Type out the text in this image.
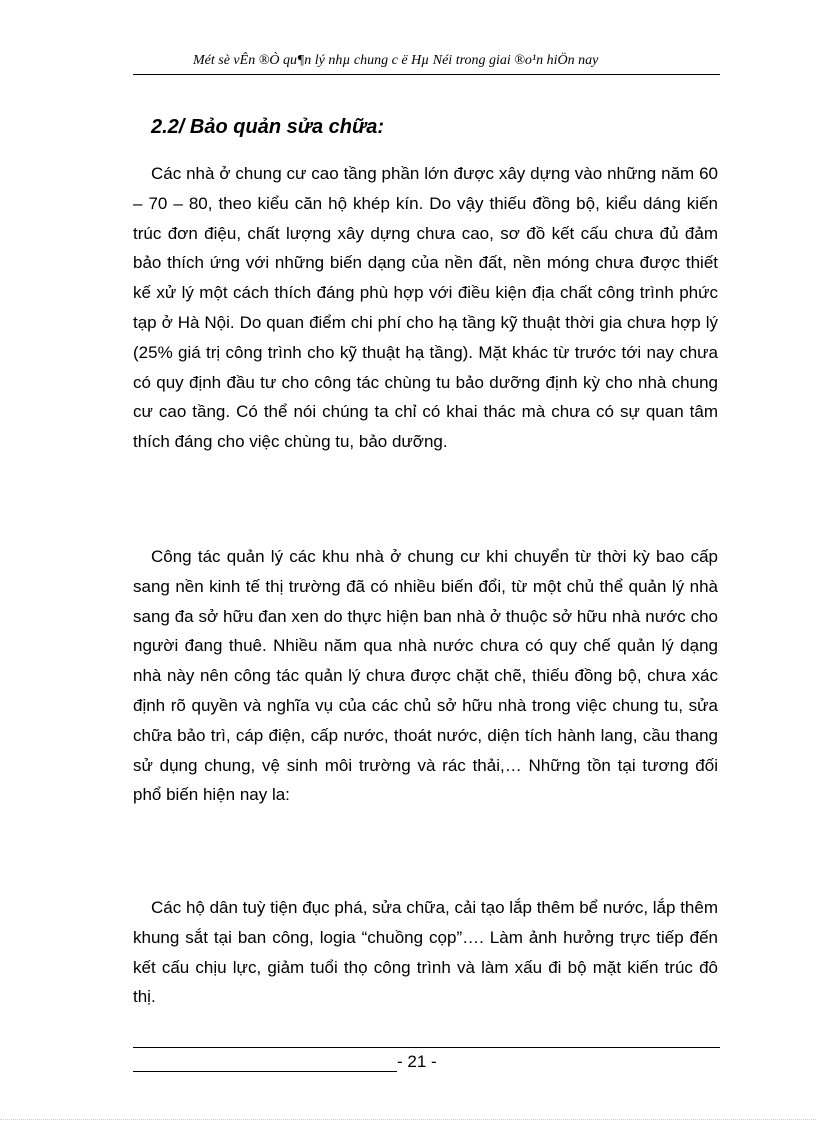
Mét sè vÊn ®Ò qu¶n lý nhµ chung c ë Hµ Néi trong giai ®o¹n hiÖn nay
2.2/ Bảo quản sửa chữa:

Các nhà ở chung cư cao tầng phần lớn được xây dựng vào những năm 60 – 70 – 80, theo kiểu căn hộ khép kín. Do vậy thiếu đồng bộ, kiểu dáng kiến trúc đơn điệu, chất lượng xây dựng chưa cao, sơ đồ kết cấu chưa đủ đảm bảo thích ứng với những biến dạng của nền đất, nền móng chưa được thiết kế xử lý một cách thích đáng phù hợp với điều kiện địa chất công trình phức tạp ở Hà Nội. Do quan điểm chi phí cho hạ tầng kỹ thuật thời gia chưa hợp lý (25% giá trị công trình cho kỹ thuật hạ tầng). Mặt khác từ trước tới nay chưa có quy định đầu tư cho công tác chùng tu bảo dưỡng định kỳ cho nhà chung cư cao tầng. Có thể nói chúng ta chỉ có khai thác mà chưa có sự quan tâm thích đáng cho việc chùng tu, bảo dưỡng.

Công tác quản lý các khu nhà ở chung cư khi chuyển từ thời kỳ bao cấp sang nền kinh tế thị trường đã có nhiều biến đổi, từ một chủ thể quản lý nhà sang đa sở hữu đan xen do thực hiện ban nhà ở thuộc sở hữu nhà nước cho người đang thuê. Nhiều năm qua nhà nước chưa có quy chế quản lý dạng nhà này nên công tác quản lý chưa được chặt chẽ, thiếu đồng bộ, chưa xác định rõ quyền và nghĩa vụ của các chủ sở hữu nhà trong việc chung tu, sửa chữa bảo trì, cáp điện, cấp nước, thoát nước, diện tích hành lang, cầu thang sử dụng chung, vệ sinh môi trường và rác thải,… Những tồn tại tương đối phổ biến hiện nay la:

Các hộ dân tuỳ tiện đục phá, sửa chữa, cải tạo lắp thêm bể nước, lắp thêm khung sắt tại ban công, logia “chuồng cọp”…. Làm ảnh hưởng trực tiếp đến kết cấu chịu lực, giảm tuổi thọ công trình và làm xấu đi bộ mặt kiến trúc đô thị.

- 21 -
